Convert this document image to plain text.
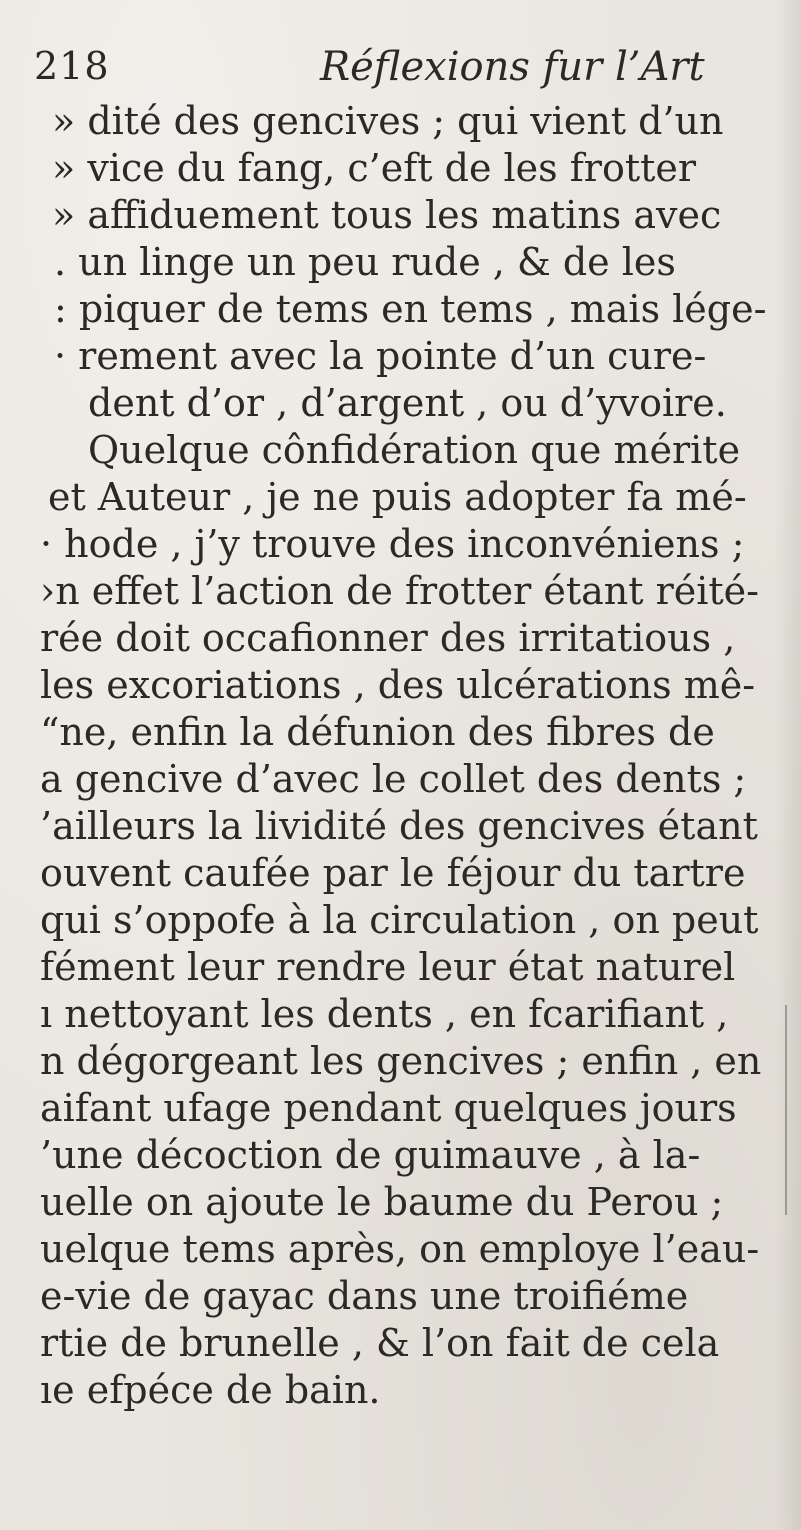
218	Réflexions fur l’Art
» dité des gencives ; qui vient d’un
» vice du fang, c’eft de les frotter
» affiduement tous les matins avec
. un linge un peu rude , & de les
: piquer de tems en tems , mais lége-
· rement avec la pointe d’un cure-
dent d’or , d’argent , ou d’yvoire.
Quelque cônfidération que mérite
et Auteur , je ne puis adopter fa mé-
· hode , j’y trouve des inconvéniens ;
›n effet l’action de frotter étant réité-
rée doit occafionner des irritatious ,
les excoriations , des ulcérations mê-
“ne, enfin la défunion des fibres de
a gencive d’avec le collet des dents ;
’ailleurs la lividité des gencives étant
ouvent caufée par le féjour du tartre
qui s’oppofe à la circulation , on peut
fément leur rendre leur état naturel
ı nettoyant les dents , en fcarifiant ,
n dégorgeant les gencives ; enfin , en
aifant ufage pendant quelques jours
’une décoction de guimauve , à la-
uelle on ajoute le baume du Perou ;
uelque tems après, on employe l’eau-
e-vie de gayac dans une troifiéme
rtie de brunelle , & l’on fait de cela
ıe efpéce de bain.
